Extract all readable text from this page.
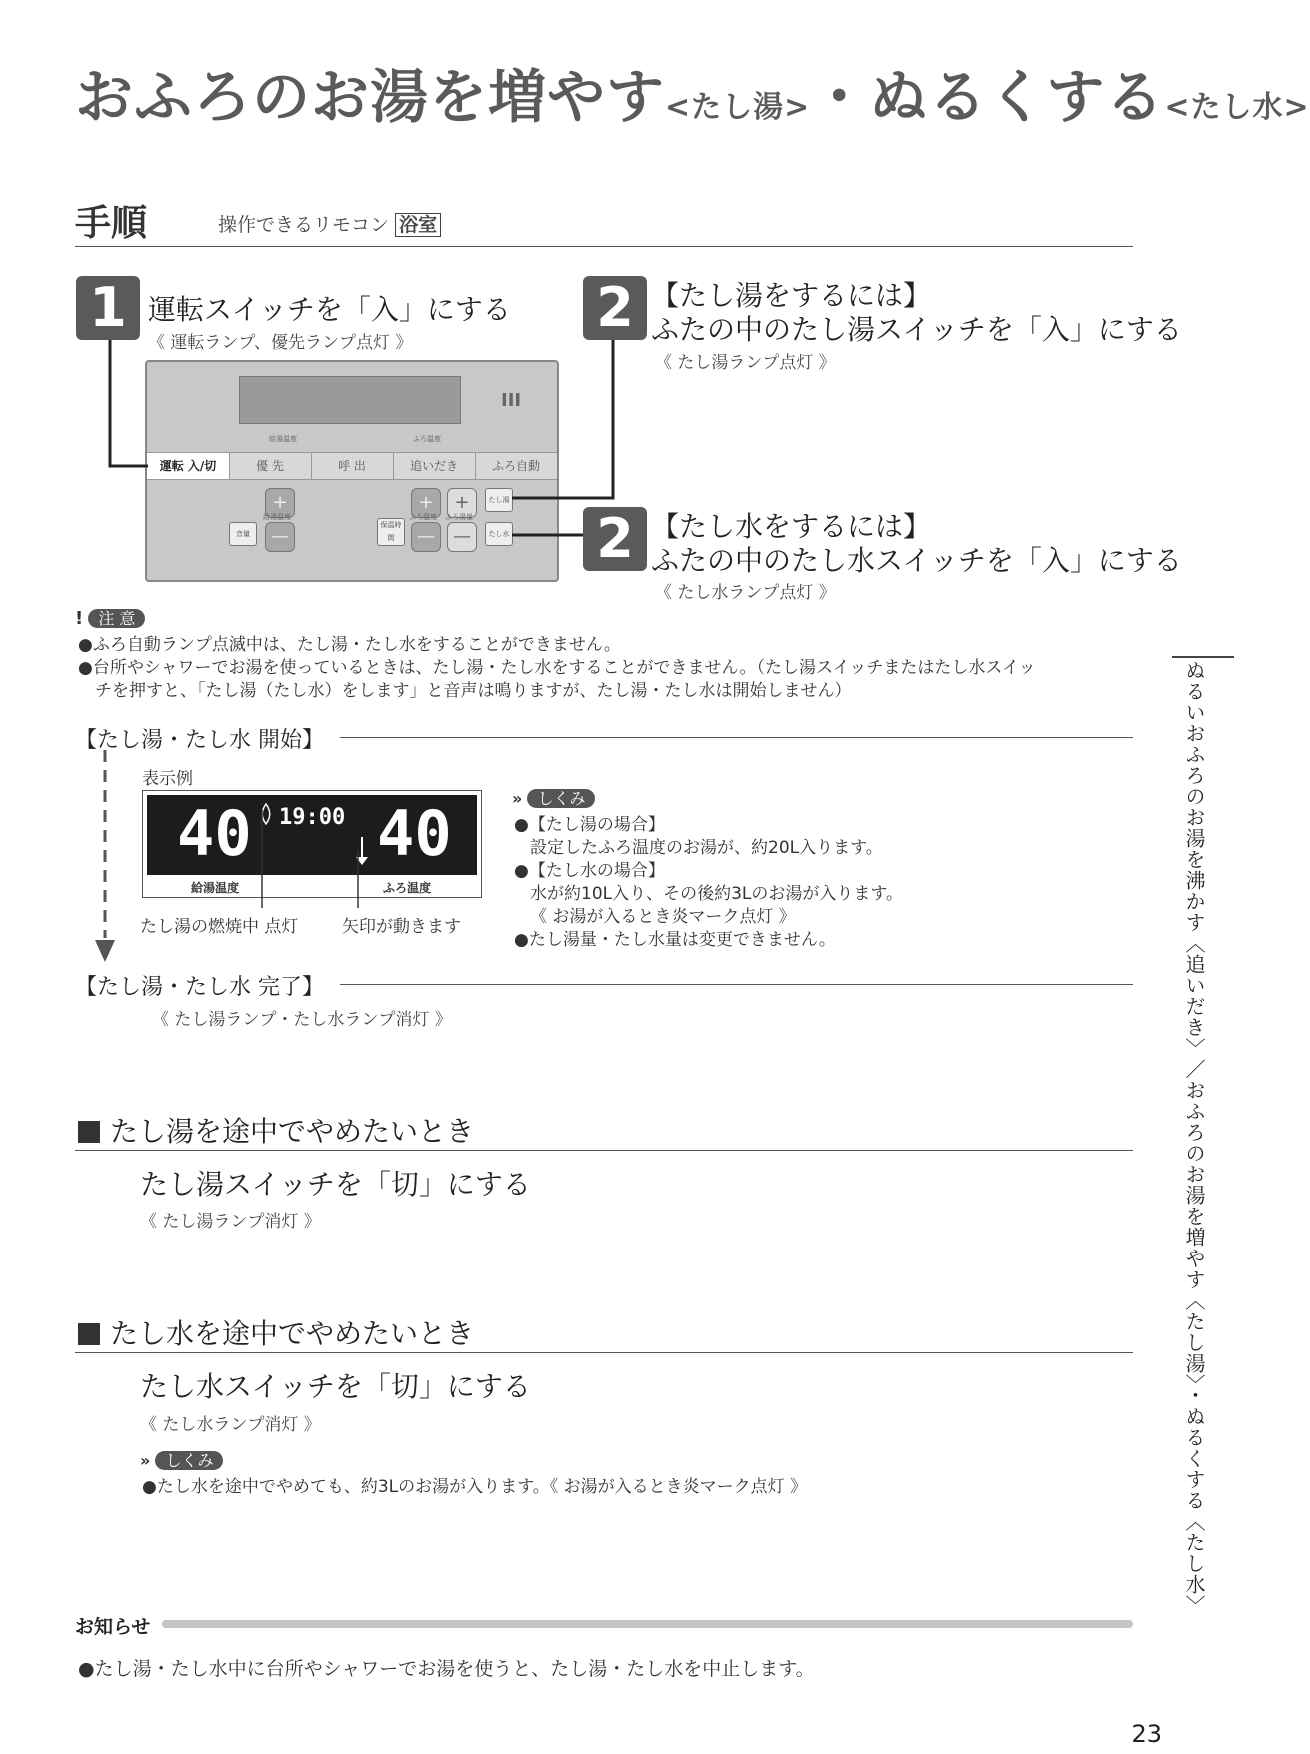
おふろのお湯を増やす<たし湯>・ぬるくする<たし水>
手順	操作できるリモコン 浴室
1 運転スイッチを「入」にする
《 運転ランプ、優先ランプ点灯 》
2 【たし湯をするには】
ふたの中のたし湯スイッチを「入」にする
《 たし湯ランプ点灯 》
2 【たし水をするには】
ふたの中のたし水スイッチを「入」にする
《 たし水ランプ点灯 》
III
給湯温度	ふろ温度
運転 入/切	優 先	呼 出	追いだき	ふろ自動
+
給湯温度
—
音量
保温時間
+
ふろ温度
—
+
ふろ湯量
—
たし湯
たし水
! 注 意
●ふろ自動ランプ点滅中は、たし湯・たし水をすることができません。
●台所やシャワーでお湯を使っているときは、たし湯・たし水をすることができません。（たし湯スイッチまたはたし水スイッ
チを押すと、「たし湯（たし水）をします」と音声は鳴りますが、たし湯・たし水は開始しません）
【たし湯・たし水 開始】
表示例
40 19:00 40
給湯温度	ふろ温度
たし湯の燃焼中 点灯	矢印が動きます
» しくみ
●【たし湯の場合】
設定したふろ温度のお湯が、約20L入ります。
●【たし水の場合】
水が約10L入り、その後約3Lのお湯が入ります。
《 お湯が入るとき炎マーク点灯 》
●たし湯量・たし水量は変更できません。
【たし湯・たし水 完了】
《 たし湯ランプ・たし水ランプ消灯 》
たし湯を途中でやめたいとき
たし湯スイッチを「切」にする
《 たし湯ランプ消灯 》
たし水を途中でやめたいとき
たし水スイッチを「切」にする
《 たし水ランプ消灯 》
» しくみ
●たし水を途中でやめても、約3Lのお湯が入ります。《 お湯が入るとき炎マーク点灯 》
お知らせ
●たし湯・たし水中に台所やシャワーでお湯を使うと、たし湯・たし水を中止します。
ぬるいおふろのお湯を沸かす〈追いだき〉／おふろのお湯を増やす〈たし湯〉・ぬるくする〈たし水〉
23
